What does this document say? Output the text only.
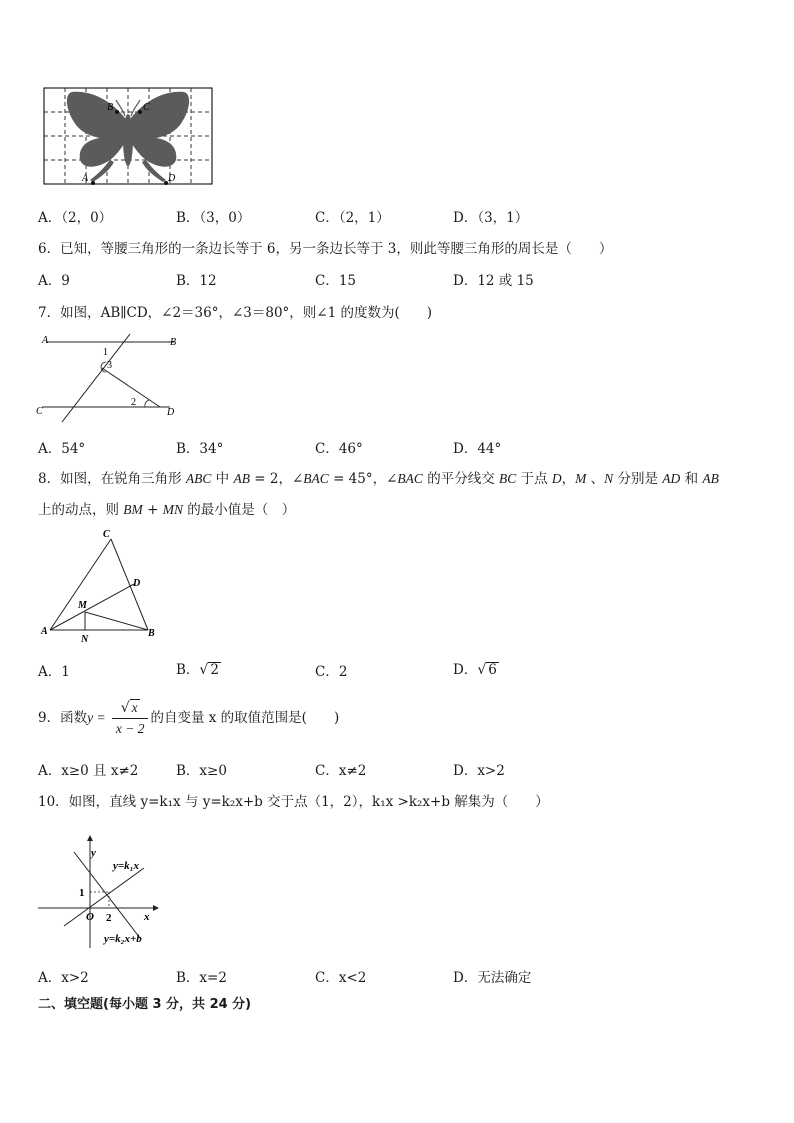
B	C
A	D
A．（2，0）	B．（3，0）	C．（2，1）	D．（3，1）
6．已知，等腰三角形的一条边长等于 6，另一条边长等于 3，则此等腰三角形的周长是（　　）
A．9	B．12	C．15	D．12 或 15
7．如图，AB∥CD，∠2＝36°，∠3＝80°，则∠1 的度数为(　　)
A	B
C	D
1
3
2
A．54°	B．34°	C．46°	D．44°
8．如图，在锐角三角形 ABC 中 AB = 2，∠BAC = 45°，∠BAC 的平分线交 BC 于点 D，M 、N 分别是 AD 和 AB
上的动点，则 BM + MN 的最小值是（　）
C
D
M
A
N
B
A．1	B．√ 2	C．2	D．√ 6
9．函数$y = \frac{√ x}{x - 2}$ 的自变量 x 的取值范围是(　　)
A．x≥0 且 x≠2	B．x≥0	C．x≠2	D．x>2
10．如图，直线 y=k₁x 与 y=k₂x+b 交于点（1，2），k₁x >k₂x+b 解集为（　　）
y
x
O
1
2
y=k₁x
y=k₂x+b
A．x>2	B．x=2	C．x<2	D．无法确定
二、填空题(每小题 3 分，共 24 分)
